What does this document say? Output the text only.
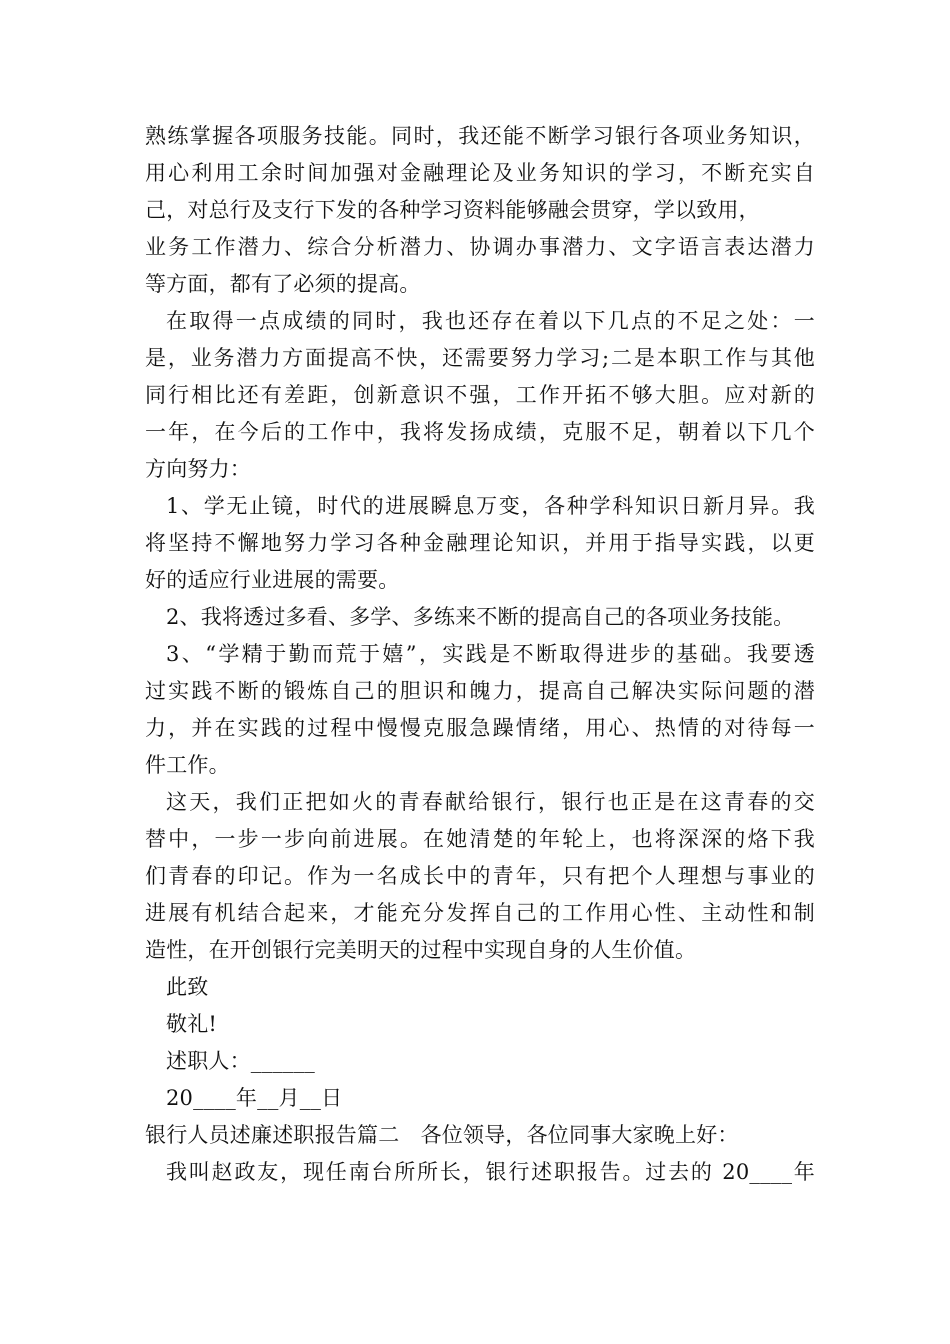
熟练掌握各项服务技能。同时，我还能不断学习银行各项业务知识，
用心利用工余时间加强对金融理论及业务知识的学习，不断充实自
己，对总行及支行下发的各种学习资料能够融会贯穿，学以致用，
业务工作潜力、综合分析潜力、协调办事潜力、文字语言表达潜力
等方面，都有了必须的提高。
在取得一点成绩的同时，我也还存在着以下几点的不足之处：一
是，业务潜力方面提高不快，还需要努力学习;二是本职工作与其他
同行相比还有差距，创新意识不强，工作开拓不够大胆。应对新的
一年，在今后的工作中，我将发扬成绩，克服不足，朝着以下几个
方向努力：
1、学无止镜，时代的进展瞬息万变，各种学科知识日新月异。我
将坚持不懈地努力学习各种金融理论知识，并用于指导实践，以更
好的适应行业进展的需要。
2、我将透过多看、多学、多练来不断的提高自己的各项业务技能。
3、“学精于勤而荒于嬉”，实践是不断取得进步的基础。我要透
过实践不断的锻炼自己的胆识和魄力，提高自己解决实际问题的潜
力，并在实践的过程中慢慢克服急躁情绪，用心、热情的对待每一
件工作。
这天，我们正把如火的青春献给银行，银行也正是在这青春的交
替中，一步一步向前进展。在她清楚的年轮上，也将深深的烙下我
们青春的印记。作为一名成长中的青年，只有把个人理想与事业的
进展有机结合起来，才能充分发挥自己的工作用心性、主动性和制
造性，在开创银行完美明天的过程中实现自身的人生价值。
此致
敬礼!
述职人：______
20____年__月__日
银行人员述廉述职报告篇二　各位领导，各位同事大家晚上好：
我叫赵政友，现任南台所所长，银行述职报告。过去的 20____年
